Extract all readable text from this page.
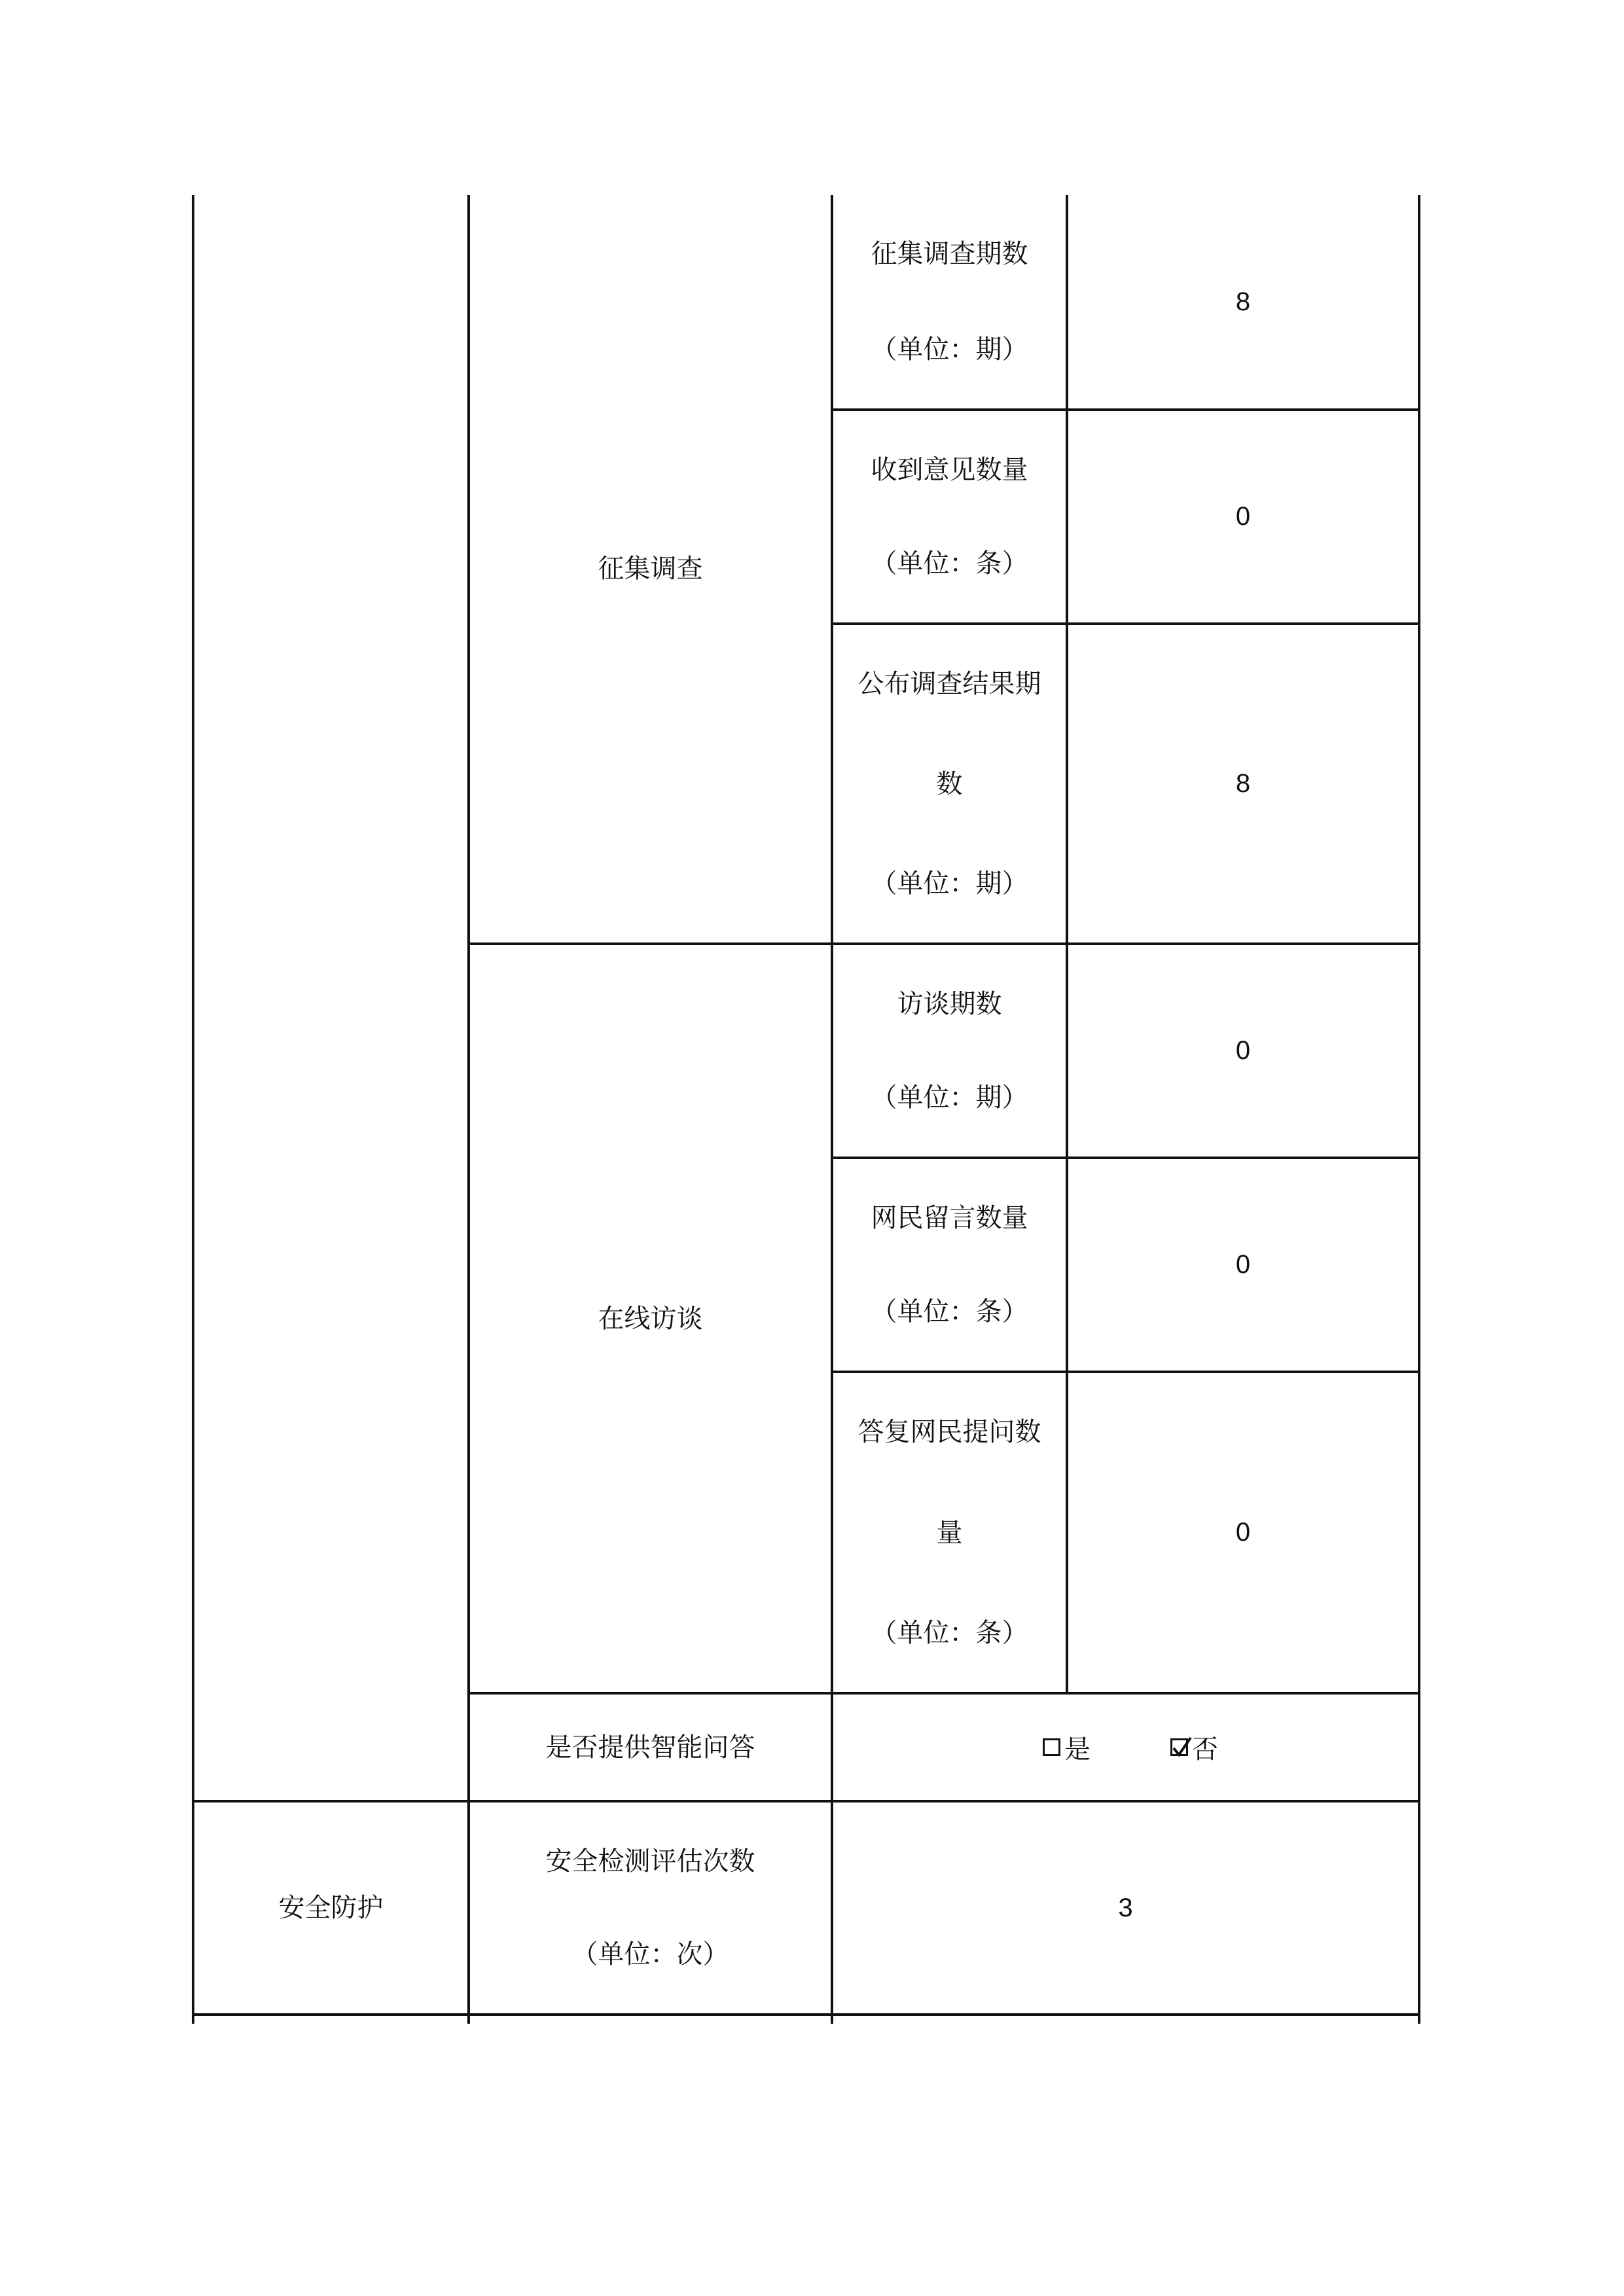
征集调查
在线访谈
安全防护
征集调查期数
（单位：期）
8
收到意见数量
（单位：条）
0
公布调查结果期
数
（单位：期）
8
访谈期数
（单位：期）
0
网民留言数量
（单位：条）
0
答复网民提问数
量
（单位：条）
0
是否提供智能问答	是	否
安全检测评估次数
（单位：次）
3
